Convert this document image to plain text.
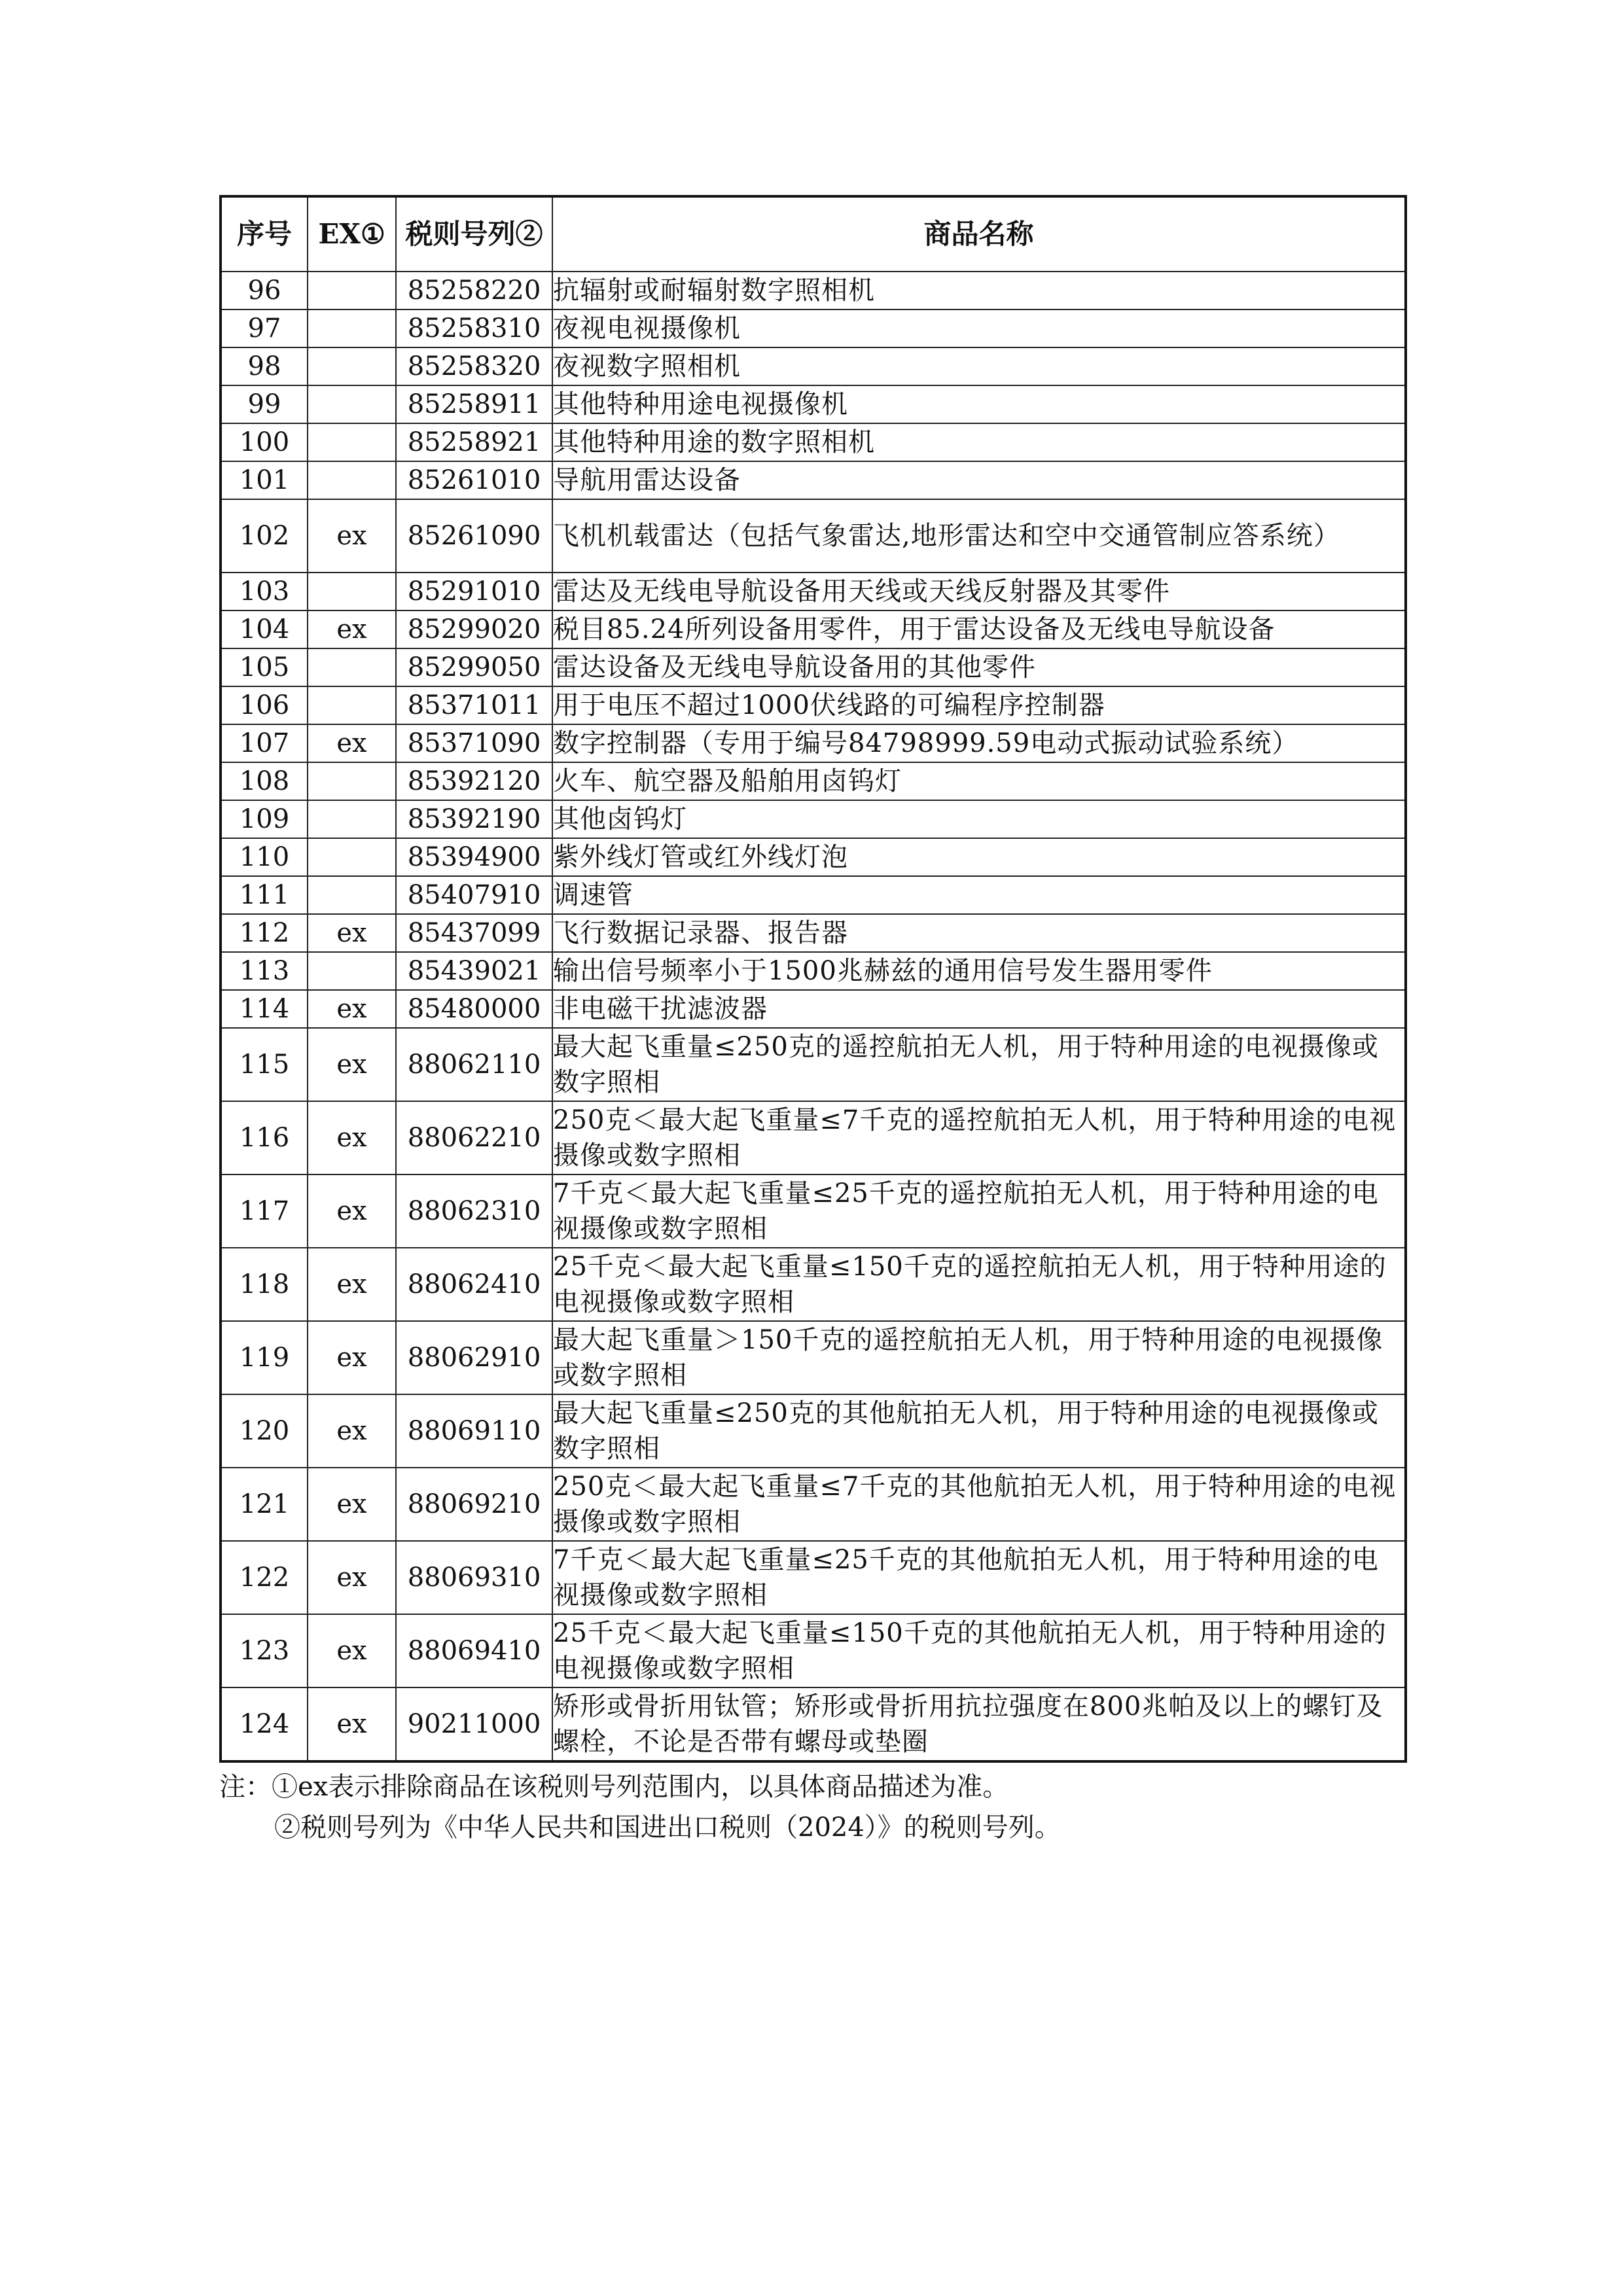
序号	EX①	税则号列②	商品名称
96		85258220	抗辐射或耐辐射数字照相机
97		85258310	夜视电视摄像机
98		85258320	夜视数字照相机
99		85258911	其他特种用途电视摄像机
100		85258921	其他特种用途的数字照相机
101		85261010	导航用雷达设备
102	ex	85261090	飞机机载雷达（包括气象雷达,地形雷达和空中交通管制应答系统）
103		85291010	雷达及无线电导航设备用天线或天线反射器及其零件
104	ex	85299020	税目85.24所列设备用零件，用于雷达设备及无线电导航设备
105		85299050	雷达设备及无线电导航设备用的其他零件
106		85371011	用于电压不超过1000伏线路的可编程序控制器
107	ex	85371090	数字控制器（专用于编号84798999.59电动式振动试验系统）
108		85392120	火车、航空器及船舶用卤钨灯
109		85392190	其他卤钨灯
110		85394900	紫外线灯管或红外线灯泡
111		85407910	调速管
112	ex	85437099	飞行数据记录器、报告器
113		85439021	输出信号频率小于1500兆赫兹的通用信号发生器用零件
114	ex	85480000	非电磁干扰滤波器
115	ex	88062110	最大起飞重量≤250克的遥控航拍无人机，用于特种用途的电视摄像或数字照相
116	ex	88062210	250克＜最大起飞重量≤7千克的遥控航拍无人机，用于特种用途的电视摄像或数字照相
117	ex	88062310	7千克＜最大起飞重量≤25千克的遥控航拍无人机，用于特种用途的电视摄像或数字照相
118	ex	88062410	25千克＜最大起飞重量≤150千克的遥控航拍无人机，用于特种用途的电视摄像或数字照相
119	ex	88062910	最大起飞重量＞150千克的遥控航拍无人机，用于特种用途的电视摄像或数字照相
120	ex	88069110	最大起飞重量≤250克的其他航拍无人机，用于特种用途的电视摄像或数字照相
121	ex	88069210	250克＜最大起飞重量≤7千克的其他航拍无人机，用于特种用途的电视摄像或数字照相
122	ex	88069310	7千克＜最大起飞重量≤25千克的其他航拍无人机，用于特种用途的电视摄像或数字照相
123	ex	88069410	25千克＜最大起飞重量≤150千克的其他航拍无人机，用于特种用途的电视摄像或数字照相
124	ex	90211000	矫形或骨折用钛管；矫形或骨折用抗拉强度在800兆帕及以上的螺钉及螺栓，不论是否带有螺母或垫圈
注：①ex表示排除商品在该税则号列范围内，以具体商品描述为准。
②税则号列为《中华人民共和国进出口税则（2024）》的税则号列。
